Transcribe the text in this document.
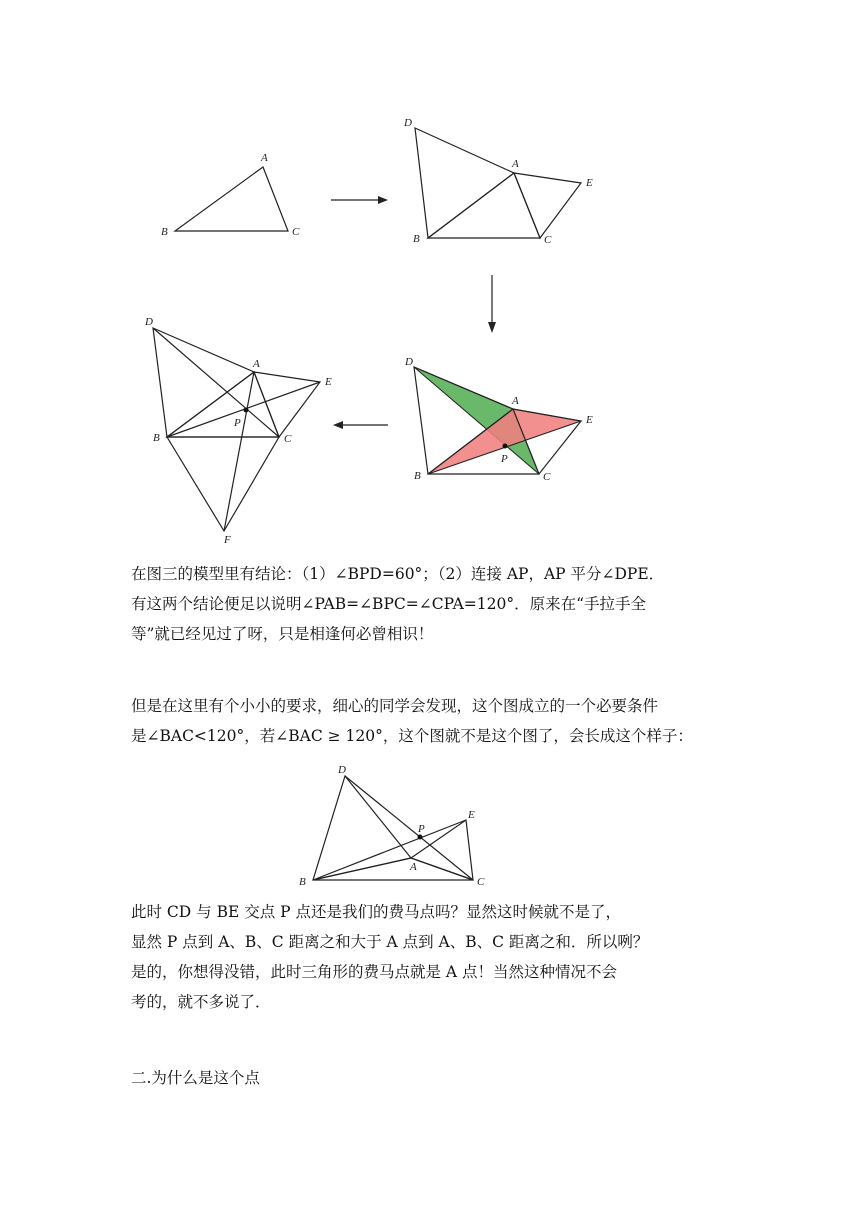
A
B	C
D
A
E
B	C
D
A
E
P
B	C
D
A
E
P
B	C
F

在图三的模型里有结论：（1）∠BPD=60°；（2）连接 AP，AP 平分∠DPE．

有这两个结论便足以说明∠PAB=∠BPC=∠CPA=120°．原来在“手拉手全

等”就已经见过了呀，只是相逢何必曾相识！

但是在这里有个小小的要求，细心的同学会发现，这个图成立的一个必要条件

是∠BAC<120°，若∠BAC ≥ 120°，这个图就不是这个图了，会长成这个样子：

D
E
P
A
B	C

此时 CD 与 BE 交点 P 点还是我们的费马点吗？显然这时候就不是了，

显然 P 点到 A、B、C 距离之和大于 A 点到 A、B、C 距离之和．所以咧？

是的，你想得没错，此时三角形的费马点就是 A 点！当然这种情况不会

考的，就不多说了．

二.为什么是这个点
